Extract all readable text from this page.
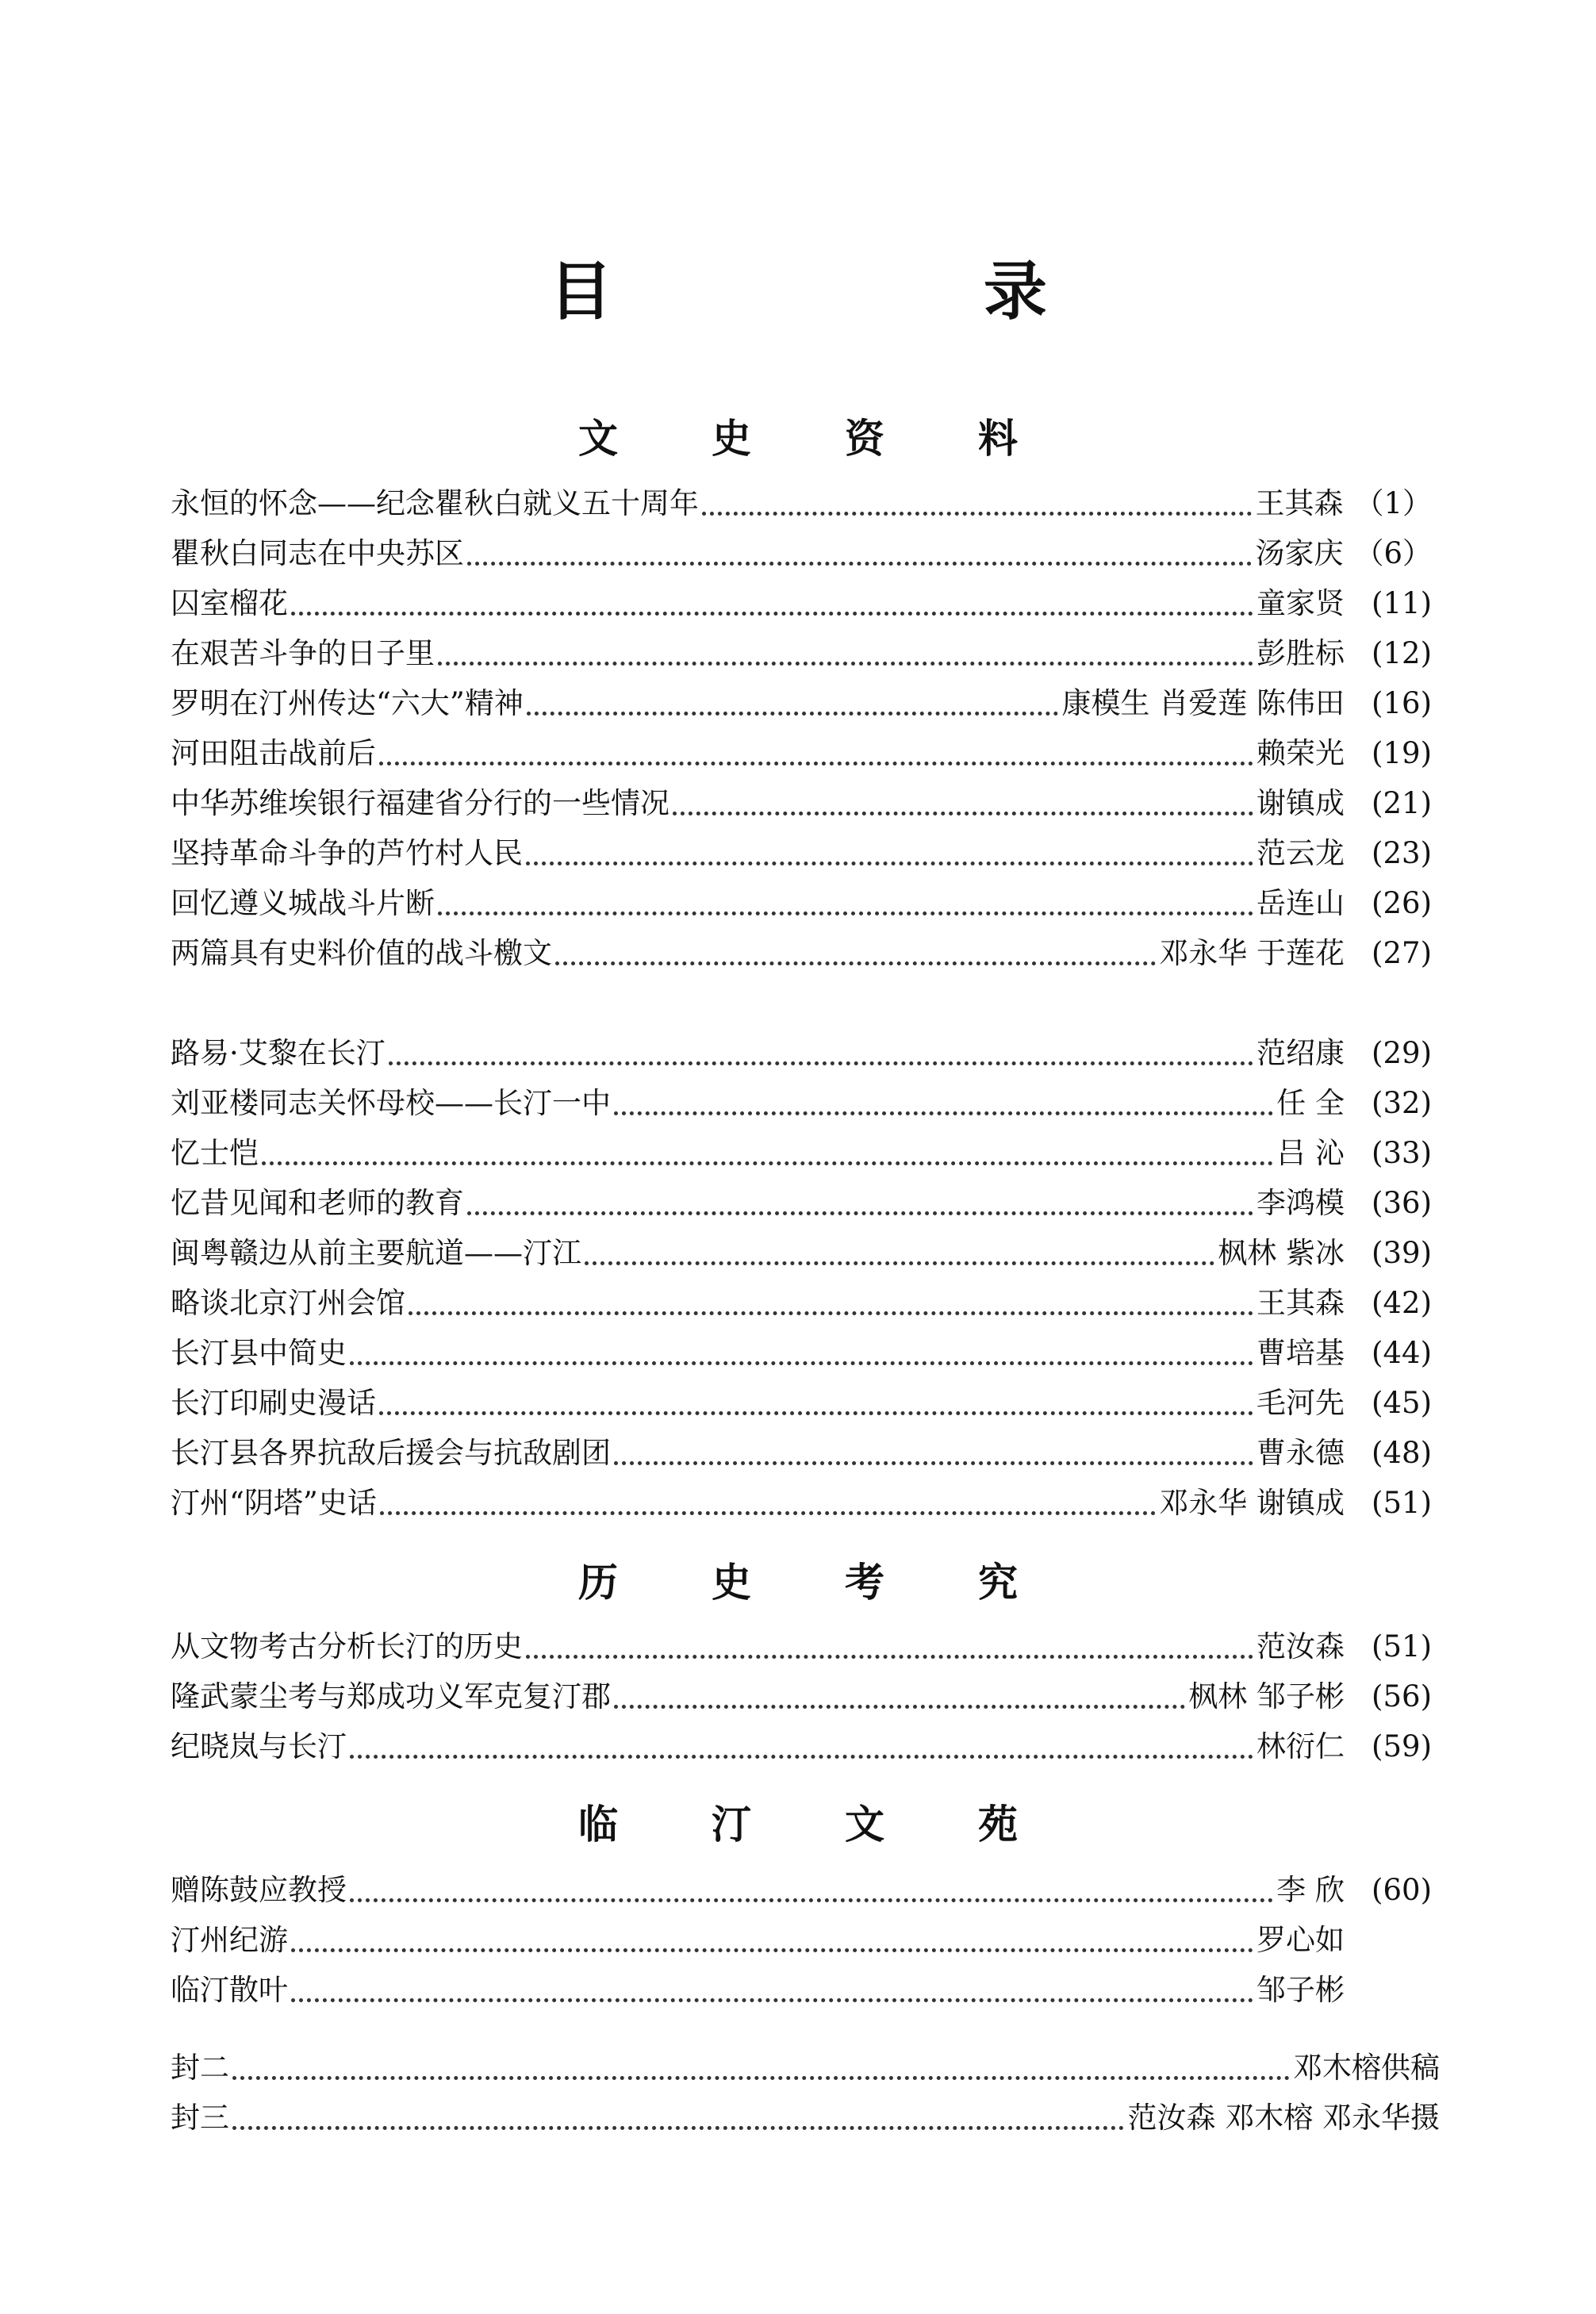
目 录
文史资料
历史考究
临汀文苑
永恒的怀念——纪念瞿秋白就义五十周年	王其森 （1）
瞿秋白同志在中央苏区	汤家庆 （6）
囚室榴花	童家贤 (11)
在艰苦斗争的日子里	彭胜标 (12)
罗明在汀州传达“六大”精神	康模生 肖爱莲 陈伟田 (16)
河田阻击战前后	赖荣光 (19)
中华苏维埃银行福建省分行的一些情况	谢镇成 (21)
坚持革命斗争的芦竹村人民	范云龙 (23)
回忆遵义城战斗片断	岳连山 (26)
两篇具有史料价值的战斗檄文	邓永华 于莲花 (27)
路易·艾黎在长汀	范绍康 (29)
刘亚楼同志关怀母校——长汀一中	任 全 (32)
忆士恺	吕 沁 (33)
忆昔见闻和老师的教育	李鸿模 (36)
闽粤赣边从前主要航道——汀江	枫林 紫冰 (39)
略谈北京汀州会馆	王其森 (42)
长汀县中简史	曹培基 (44)
长汀印刷史漫话	毛河先 (45)
长汀县各界抗敌后援会与抗敌剧团	曹永德 (48)
汀州“阴塔”史话	邓永华 谢镇成 (51)
从文物考古分析长汀的历史	范汝森 (51)
隆武蒙尘考与郑成功义军克复汀郡	枫林 邹子彬 (56)
纪晓岚与长汀	林衍仁 (59)
赠陈鼓应教授	李 欣 (60)
汀州纪游	罗心如
临汀散叶	邹子彬
封二	邓木榕供稿
封三	范汝森 邓木榕 邓永华摄
